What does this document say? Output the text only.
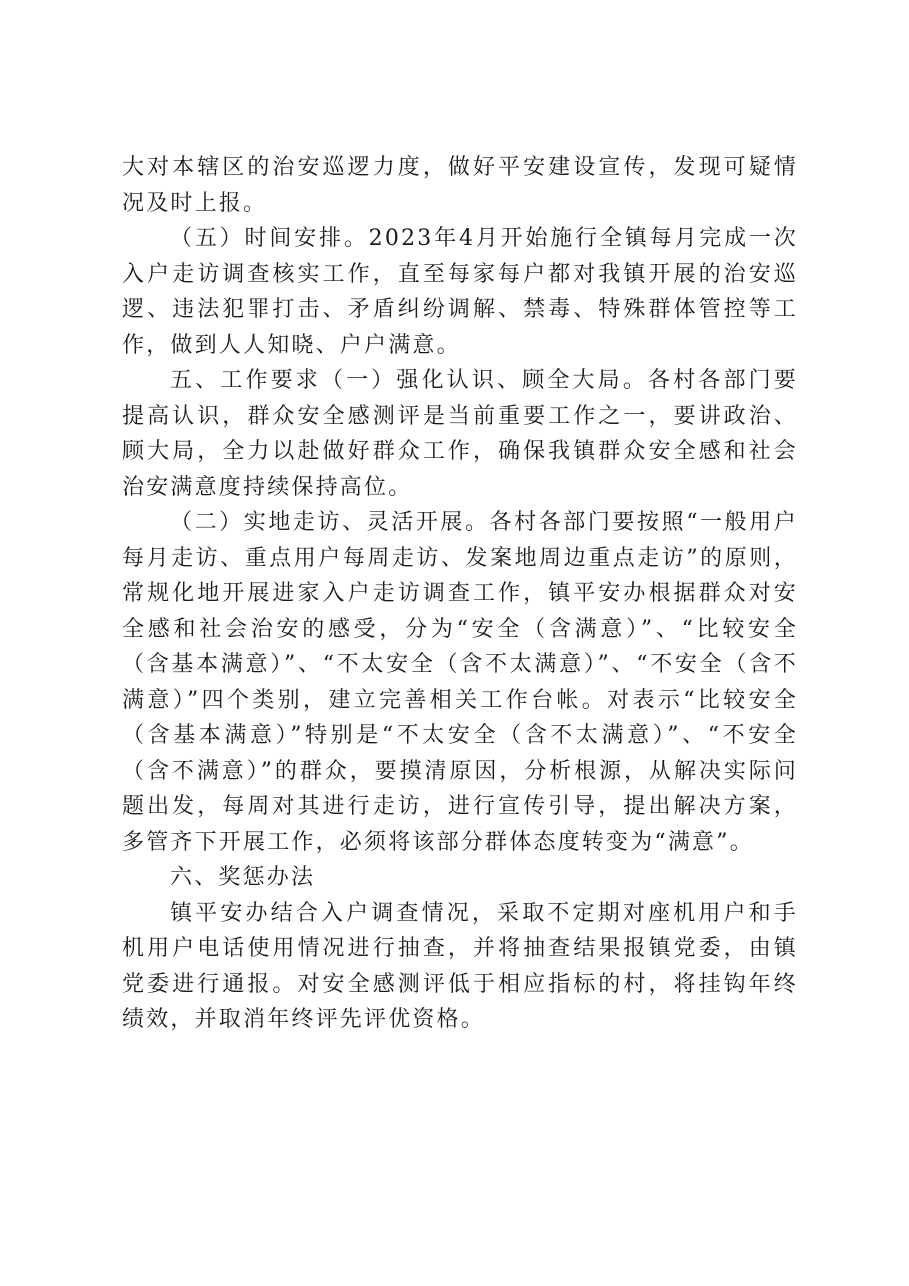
大对本辖区的治安巡逻力度，做好平安建设宣传，发现可疑情况及时上报。

（五）时间安排。2023年4月开始施行全镇每月完成一次入户走访调查核实工作，直至每家每户都对我镇开展的治安巡逻、违法犯罪打击、矛盾纠纷调解、禁毒、特殊群体管控等工作，做到人人知晓、户户满意。

五、工作要求（一）强化认识、顾全大局。各村各部门要提高认识，群众安全感测评是当前重要工作之一，要讲政治、顾大局，全力以赴做好群众工作，确保我镇群众安全感和社会治安满意度持续保持高位。

（二）实地走访、灵活开展。各村各部门要按照“一般用户每月走访、重点用户每周走访、发案地周边重点走访”的原则，常规化地开展进家入户走访调查工作，镇平安办根据群众对安全感和社会治安的感受，分为“安全（含满意）”、“比较安全（含基本满意）”、“不太安全（含不太满意）”、“不安全（含不满意）”四个类别，建立完善相关工作台帐。对表示“比较安全（含基本满意）”特别是“不太安全（含不太满意）”、“不安全（含不满意）”的群众，要摸清原因，分析根源，从解决实际问题出发，每周对其进行走访，进行宣传引导，提出解决方案，多管齐下开展工作，必须将该部分群体态度转变为“满意”。

六、奖惩办法

镇平安办结合入户调查情况，采取不定期对座机用户和手机用户电话使用情况进行抽查，并将抽查结果报镇党委，由镇党委进行通报。对安全感测评低于相应指标的村，将挂钩年终绩效，并取消年终评先评优资格。
